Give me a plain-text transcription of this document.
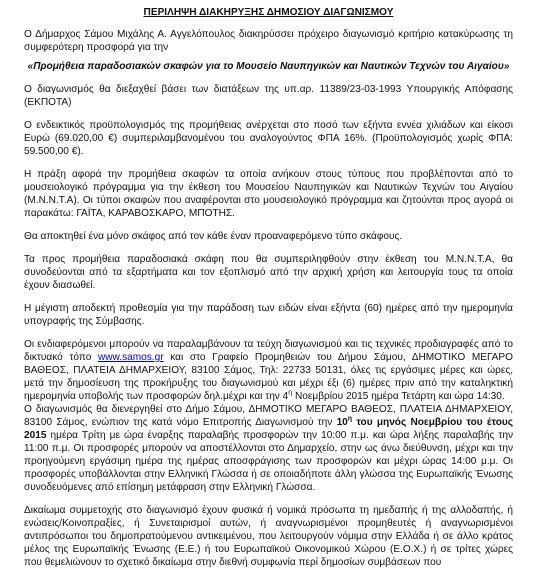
ΠΕΡΙΛΗΨΗ ΔΙΑΚΗΡΥΞΗΣ ΔΗΜΟΣΙΟΥ ΔΙΑΓΩΝΙΣΜΟΥ
Ο Δήμαρχος Σάμου Μιχάλης Α. Αγγελόπουλος διακηρύσσει πρόχειρο διαγωνισμό κριτήριο κατακύρωσης τη συμφερότερη προσφορά για την
«Προμήθεια παραδοσιακών σκαφών για το Μουσείο Ναυπηγικών και Ναυτικών Τεχνών του Αιγαίου»
Ο διαγωνισμός θα διεξαχθεί βάσει των διατάξεων της υπ.αρ. 11389/23-03-1993 Υπουργικής Απόφασης (ΕΚΠΟΤΑ)
Ο ενδεικτικός προϋπολογισμός της προμήθειας ανέρχεται στο ποσό των εξήντα εννέα χιλιάδων και είκοσι Ευρώ (69.020,00 €) συμπεριλαμβανομένου του αναλογούντος ΦΠΑ 16%. (Προϋπολογισμός χωρίς ΦΠΑ: 59.500,00 €).
Η πράξη αφορά την προμήθεια σκαφών τα οποία ανήκουν στους τύπους που προβλέπονται από το μουσειολογικό πρόγραμμα για την έκθεση του Μουσείου Ναυπηγικών και Ναυτικών Τεχνών του Αιγαίου (Μ.Ν.Ν.Τ.Α). Οι τύποι σκαφών που αναφέρονται στο μουσειολογικό πρόγραμμα και ζητούνται προς αγορά οι παρακάτω: ΓΑΪΤΑ, ΚΑΡΑΒΟΣΚΑΡΟ, ΜΠΟΤΗΣ.
Θα αποκτηθεί ένα μόνο σκάφος από τον κάθε έναν προαναφερόμενο τύπο σκάφους.
Τα προς προμήθεια παραδοσιακά σκάφη που θα συμπεριληφθούν στην έκθεση του Μ.Ν.Ν.Τ.Α, θα συνοδεύονται από τα εξαρτήματα και τον εξοπλισμό από την αρχική χρήση και λειτουργία τους τα οποία έχουν διασωθεί.
Η μέγιστη αποδεκτή προθεσμία για την παράδοση των ειδών είναι εξήντα (60) ημέρες από την ημερομηνία υπογραφής της Σύμβασης.
Οι ενδιαφερόμενοι μπορούν να παραλαμβάνουν τα τεύχη διαγωνισμού και τις τεχνικές προδιαγραφές από το δικτυακό τόπο www.samos.gr και στο Γραφείο Προμηθειών του Δήμου Σάμου, ΔΗΜΟΤΙΚΟ ΜΕΓΑΡΟ ΒΑΘΕΟΣ, ΠΛΑΤΕΙΑ ΔΗΜΑΡΧΕΙΟΥ, 83100 Σάμος, Τηλ: 22733 50131, όλες τις εργάσιμες μέρες και ώρες, μετά την δημοσίευση της προκήρυξης του διαγωνισμού και μέχρι έξι (6) ημέρες πριν από την καταληκτική ημερομηνία υποβολής των προσφορών δηλ.μέχρι και την $4^\eta$ Νοεμβρίου 2015 ημέρα Τετάρτη και ώρα 14:30.
Ο διαγωνισμός θα διενεργηθεί στο Δήμο Σάμου, ΔΗΜΟΤΙΚΟ ΜΕΓΑΡΟ ΒΑΘΕΟΣ, ΠΛΑΤΕΙΑ ΔΗΜΑΡΧΕΙΟΥ, 83100 Σάμος, ενώπιον της κατά νόμο Επιτροπής Διαγωνισμού την $10^\eta$ του μηνός Νοεμβρίου του έτους 2015 ημέρα Τρίτη με ώρα έναρξης παραλαβής προσφορών την 10:00 π.μ. και ώρα λήξης παραλαβής την 11:00 π.μ. Οι προσφορές μπορούν να αποστέλλονται στο Δημαρχείο, στην ως άνω διεύθυνση, μέχρι και την προηγούμενη εργάσιμη ημέρα της ημέρας αποσφράγισης των προσφορών και μέχρι ώρας 14:00 μ.μ. Οι προσφορές υποβάλλονται στην Ελληνική Γλώσσα ή σε οποιαδήποτε άλλη γλώσσα της Ευρωπαϊκής Ένωσης συνοδευόμενες από επίσημη μετάφραση στην Ελληνική Γλώσσα.
Δικαίωμα συμμετοχής στο διαγωνισμό έχουν φυσικά ή νομικά πρόσωπα τη ημεδαπής ή της αλλοδαπής, ή ενώσεις/Κοινοπραξίες, ή Συνεταιρισμοί αυτών, ή αναγνωρισμένοι προμηθευτές ή αναγνωρισμένοι αντιπρόσωποι του δημοπρατούμενου αντικειμένου, που λειτουργούν νόμιμα στην Ελλάδα ή σε άλλο κράτος μέλος της Ευρωπαϊκής Ένωσης (Ε.Ε.) ή του Ευρωπαϊκού Οικονομικού Χώρου (Ε.Ο.Χ.) ή σε τρίτες χώρες που θεμελιώνουν το σχετικό δικαίωμα στην διεθνή συμφωνία περί δημοσίων συμβάσεων που
